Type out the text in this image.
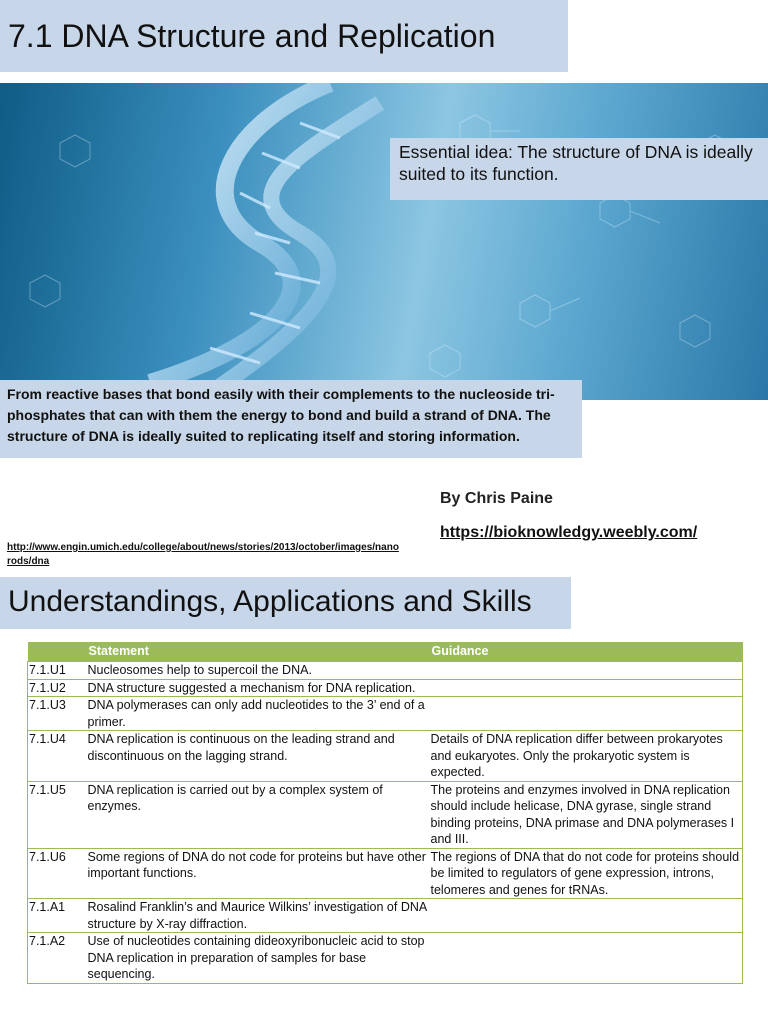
7.1 DNA Structure and Replication

Essential idea: The structure of DNA is ideally suited to its function.

From reactive bases that bond easily with their complements to the nucleoside tri-phosphates that can with them the energy to bond and build a strand of DNA. The structure of DNA is ideally suited to replicating itself and storing information.

By Chris Paine
https://bioknowledgy.weebly.com/
http://www.engin.umich.edu/college/about/news/stories/2013/october/images/nanorods/dna
Understandings, Applications and Skills
	Statement	Guidance
7.1.U1	Nucleosomes help to supercoil the DNA.	
7.1.U2	DNA structure suggested a mechanism for DNA replication.	
7.1.U3	DNA polymerases can only add nucleotides to the 3’ end of a primer.	
7.1.U4	DNA replication is continuous on the leading strand and discontinuous on the lagging strand.	Details of DNA replication differ between prokaryotes and eukaryotes. Only the prokaryotic system is expected.
7.1.U5	DNA replication is carried out by a complex system of enzymes.	The proteins and enzymes involved in DNA replication should include helicase, DNA gyrase, single strand binding proteins, DNA primase and DNA polymerases I and III.
7.1.U6	Some regions of DNA do not code for proteins but have other important functions.	The regions of DNA that do not code for proteins should be limited to regulators of gene expression, introns, telomeres and genes for tRNAs.
7.1.A1	Rosalind Franklin’s and Maurice Wilkins’ investigation of DNA structure by X-ray diffraction.	
7.1.A2	Use of nucleotides containing dideoxyribonucleic acid to stop DNA replication in preparation of samples for base sequencing.	
